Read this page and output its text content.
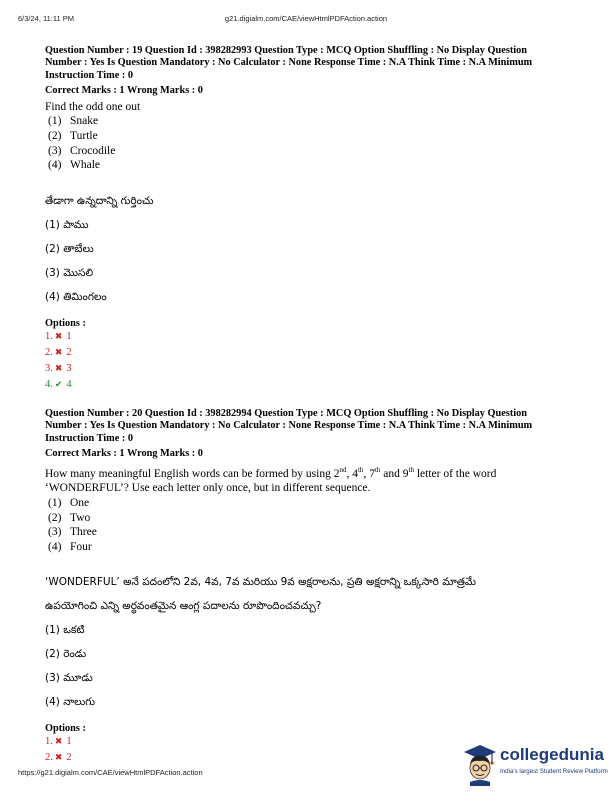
6/3/24, 11:11 PM	g21.digialm.com/CAE/viewHtmlPDFAction.action
Question Number : 19 Question Id : 398282993 Question Type : MCQ Option Shuffling : No Display Question
Number : Yes Is Question Mandatory : No Calculator : None Response Time : N.A Think Time : N.A Minimum
Instruction Time : 0
Correct Marks : 1 Wrong Marks : 0
Find the odd one out
(1) Snake
(2) Turtle
(3) Crocodile
(4) Whale
తేడాగా ఉన్నదాన్ని గుర్తించు
(1) పాము
(2) తాబేలు
(3) మొసలి
(4) తిమింగలం
Options :
1. ✖ 1
2. ✖ 2
3. ✖ 3
4. ✔ 4
Question Number : 20 Question Id : 398282994 Question Type : MCQ Option Shuffling : No Display Question
Number : Yes Is Question Mandatory : No Calculator : None Response Time : N.A Think Time : N.A Minimum
Instruction Time : 0
Correct Marks : 1 Wrong Marks : 0
How many meaningful English words can be formed by using 2nd, 4th, 7th and 9th letter of the word
‘WONDERFUL’? Use each letter only once, but in different sequence.
(1) One
(2) Two
(3) Three
(4) Four
‘WONDERFUL’ అనే పదంలోని 2వ, 4వ, 7వ మరియు 9వ అక్షరాలను, ప్రతి అక్షరాన్ని ఒక్కసారి మాత్రమే
ఉపయోగించి ఎన్ని అర్థవంతమైన ఆంగ్ల పదాలను రూపొందించవచ్చు?
(1) ఒకటి
(2) రెండు
(3) మూడు
(4) నాలుగు
Options :
1. ✖ 1
2. ✖ 2
https://g21.digialm.com/CAE/viewHtmlPDFAction.action
collegedunia
India's largest Student Review Platform
